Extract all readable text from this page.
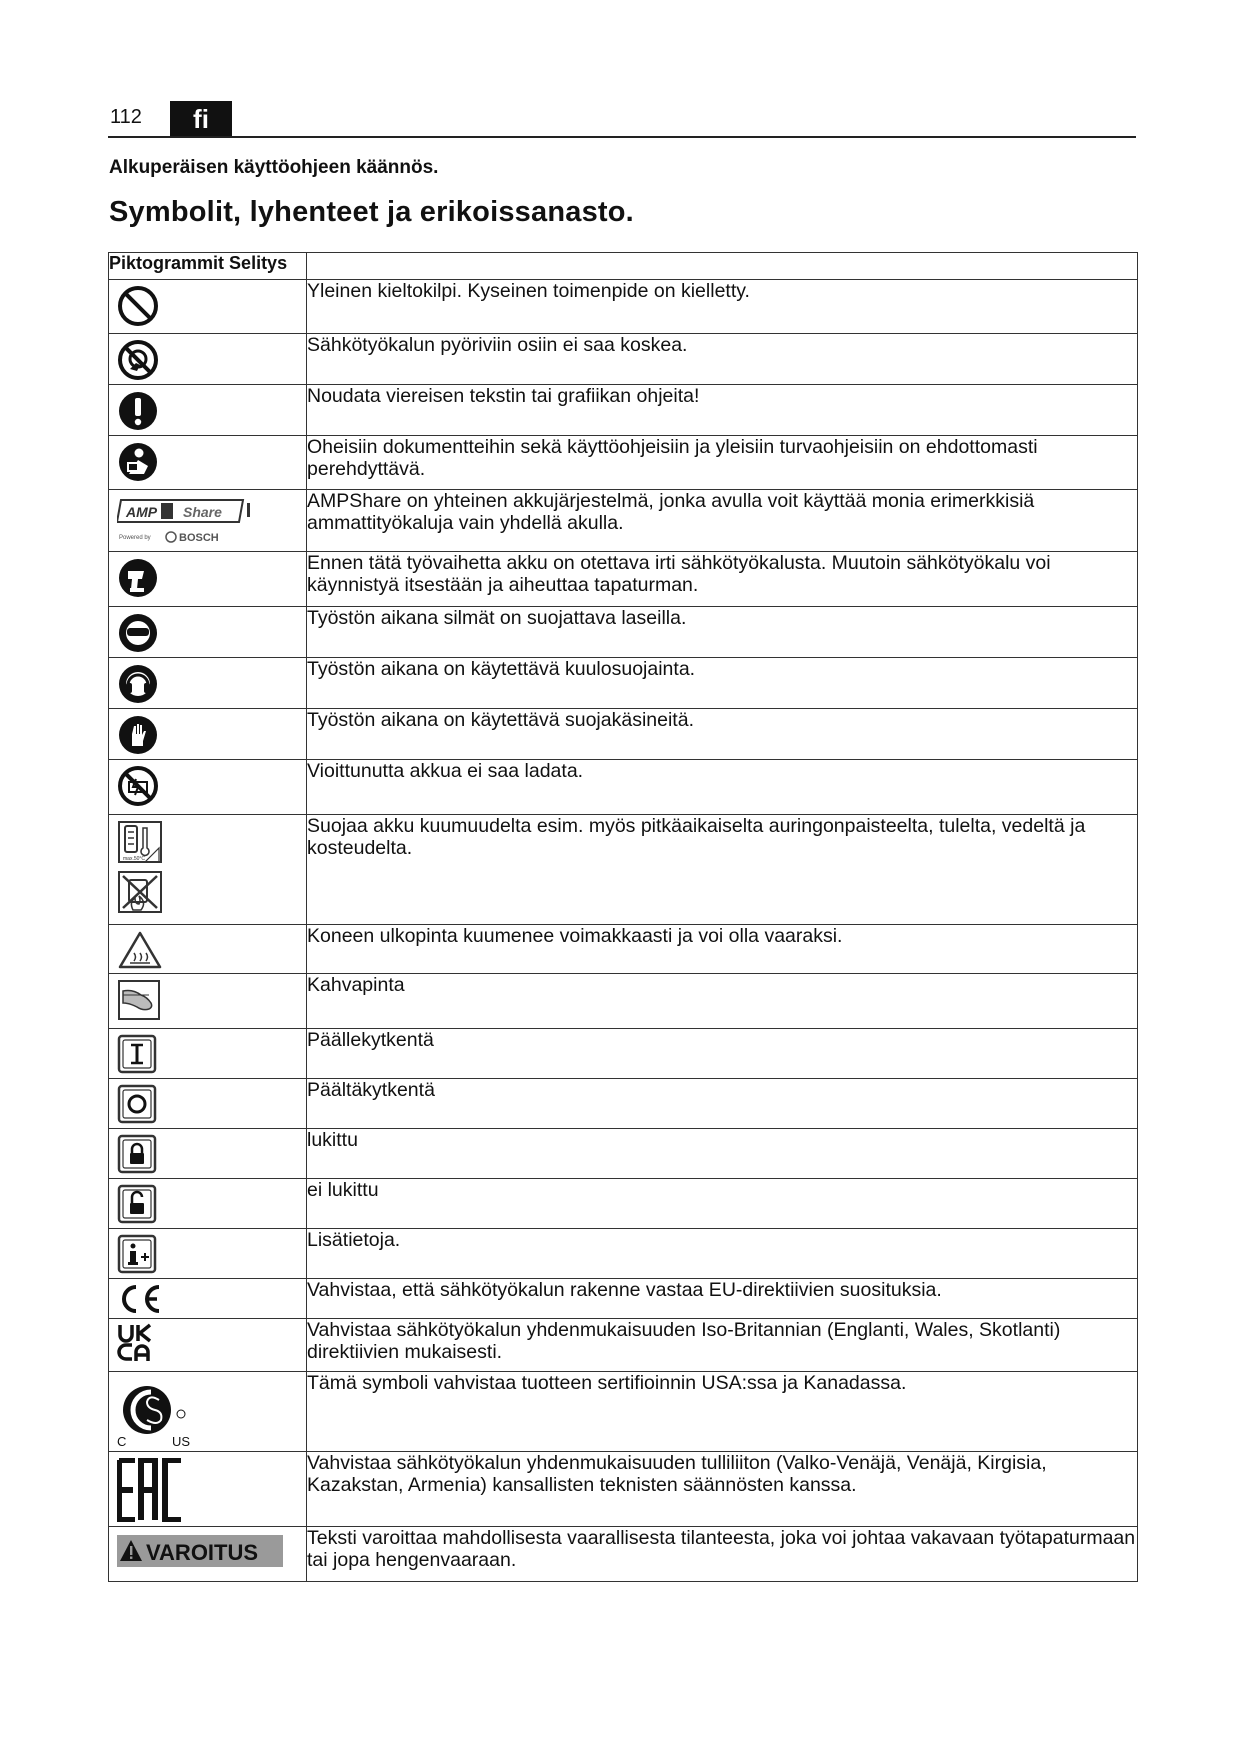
112	fi
Alkuperäisen käyttöohjeen käännös.
Symbolit, lyhenteet ja erikoissanasto.
Piktogrammit Selitys	

	Yleinen kieltokilpi. Kyseinen toimenpide on kielletty.

	Sähkötyökalun pyöriviin osiin ei saa koskea.

	Noudata viereisen tekstin tai grafiikan ohjeita!

	Oheisiin dokumentteihin sekä käyttöohjeisiin ja yleisiin turvaohjeisiin on ehdottomasti perehdyttävä.

AMP Share
Powered by BOSCH	AMPShare on yhteinen akkujärjestelmä, jonka avulla voit käyttää monia erimerkkisiä ammattityökaluja vain yhdellä akulla.

	Ennen tätä työvaihetta akku on otettava irti sähkötyökalusta. Muutoin sähkötyökalu voi käynnistyä itsestään ja aiheuttaa tapaturman.

	Työstön aikana silmät on suojattava laseilla.

	Työstön aikana on käytettävä kuulosuojainta.

	Työstön aikana on käytettävä suojakäsineitä.

	Vioittunutta akkua ei saa ladata.

max.50°C	Suojaa akku kuumuudelta esim. myös pitkäaikaiselta auringonpaisteelta, tulelta, vedeltä ja kosteudelta.

	Koneen ulkopinta kuumenee voimakkaasti ja voi olla vaaraksi.

	Kahvapinta

	Päällekytkentä

	Päältäkytkentä

	lukittu

	ei lukittu

	Lisätietoja.

	Vahvistaa, että sähkötyökalun rakenne vastaa EU-direktiivien suosituksia.

	Vahvistaa sähkötyökalun yhdenmukaisuuden Iso-Britannian (Englanti, Wales, Skotlanti) direktiivien mukaisesti.

C US	Tämä symboli vahvistaa tuotteen sertifioinnin USA:ssa ja Kanadassa.

	Vahvistaa sähkötyökalun yhdenmukaisuuden tulliliiton (Valko-Venäjä, Venäjä, Kirgisia, Kazakstan, Armenia) kansallisten teknisten säännösten kanssa.

VAROITUS	Teksti varoittaa mahdollisesta vaarallisesta tilanteesta, joka voi johtaa vakavaan työtapaturmaan tai jopa hengenvaaraan.
